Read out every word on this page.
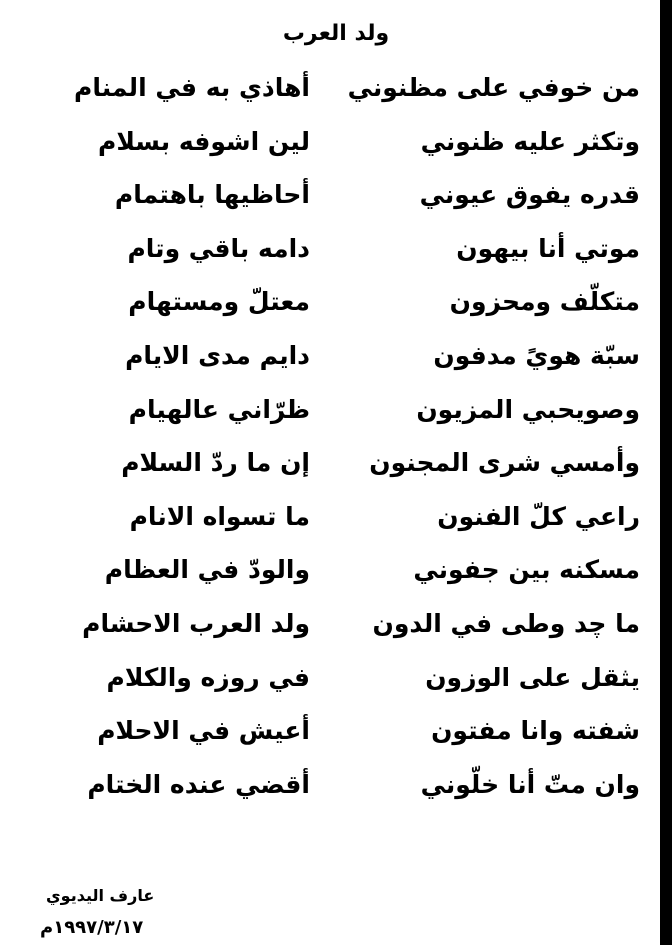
ولد العرب
من خوفي على مظنوني
أهاذي به في المنام
وتكثر عليه ظنوني
لين اشوفه بسلام
قدره يفوق عيوني
أحاظيها باهتمام
موتي أنا بيهون
دامه باقي وتام
متكلّف ومحزون
معتلّ ومستهام
سبّة هويً مدفون
دايم مدى الايام
وصويحبي المزيون
ظرّاني عالهيام
وأمسي شرى المجنون
إن ما ردّ السلام
راعي كلّ الفنون
ما تسواه الانام
مسكنه بين جفوني
والودّ في العظام
ما چد وطى في الدون
ولد العرب الاحشام
يثقل على الوزون
في روزه والكلام
شفته وانا مفتون
أعيش في الاحلام
وان متّ أنا خلّوني
أقضي عنده الختام
عارف اليديوي
١٩٩٧/٣/١٧م
